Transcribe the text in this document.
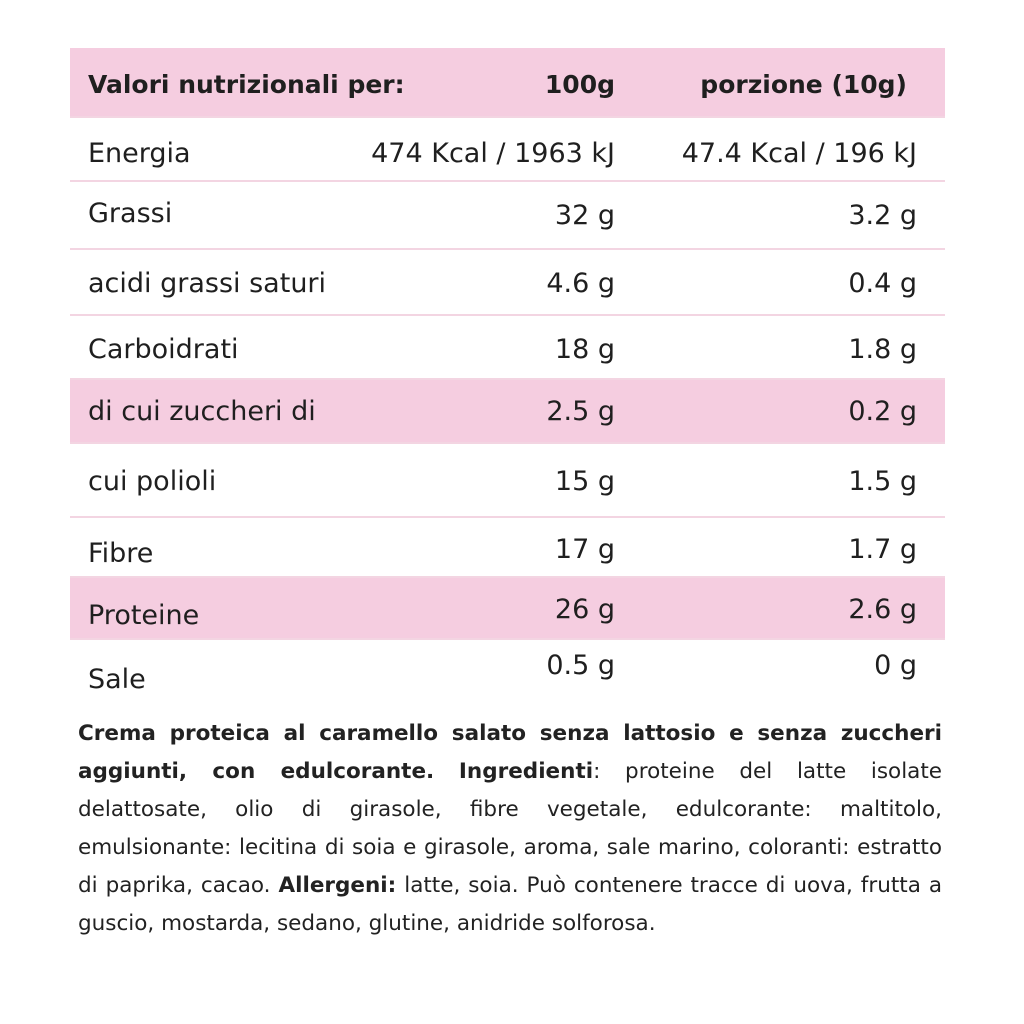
Valori nutrizionali per:	100g	porzione (10g)
Energia	474 Kcal / 1963 kJ 47.4 Kcal / 196 kJ
Grassi	32 g	3.2 g
acidi grassi saturi	4.6 g	0.4 g
Carboidrati	18 g	1.8 g
di cui zuccheri di	2.5 g	0.2 g
cui polioli	15 g	1.5 g
Fibre	17 g	1.7 g
Proteine	26 g	2.6 g
Sale	0.5 g	0 g

Crema proteica al caramello salato senza lattosio e senza zuccheri aggiunti, con edulcorante. Ingredienti: proteine del latte isolate delattosate, olio di girasole, fibre vegetale, edulcorante: maltitolo, emulsionante: lecitina di soia e girasole, aroma, sale marino, coloranti: estratto di paprika, cacao. Allergeni: latte, soia. Può contenere tracce di uova, frutta a guscio, mostarda, sedano, glutine, anidride solforosa.
